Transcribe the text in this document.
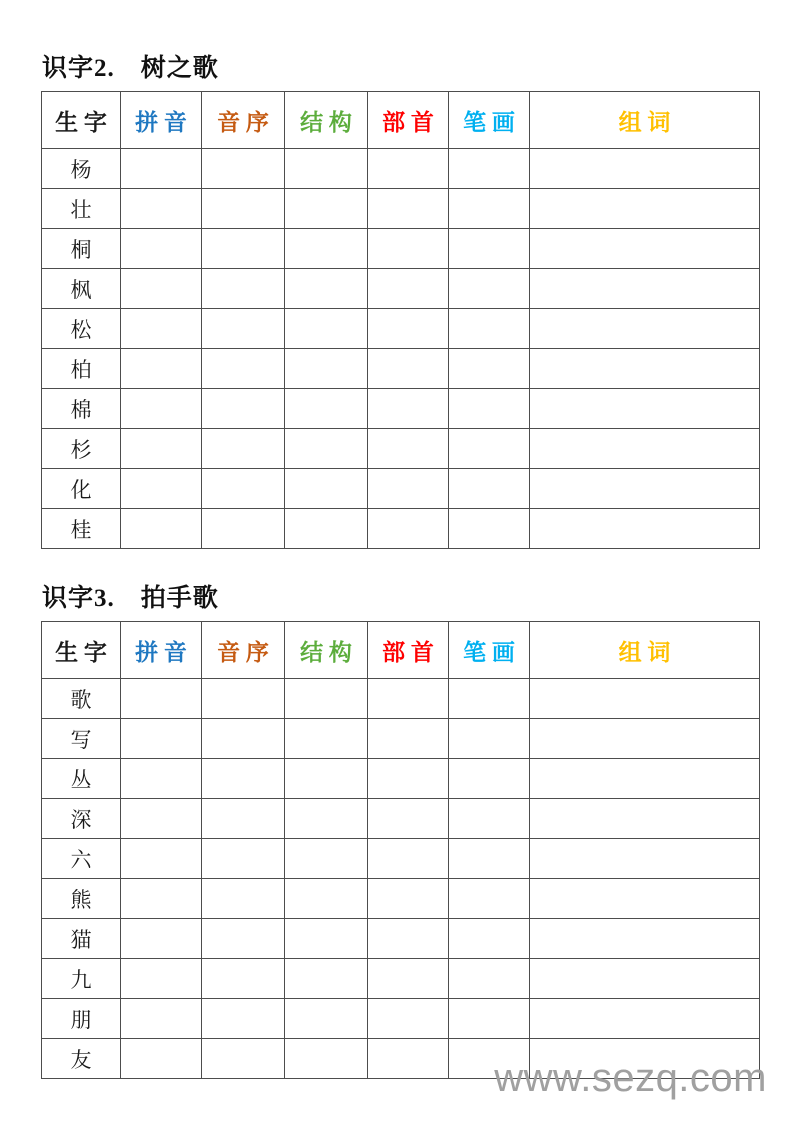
识字2.　树之歌
生 字	拼 音	音 序	结 构	部 首	笔 画	组 词
杨						
壮						
桐						
枫						
松						
柏						
棉						
杉						
化						
桂						
识字3.　拍手歌
生 字	拼 音	音 序	结 构	部 首	笔 画	组 词
歌						
写						
丛						
深						
六						
熊						
猫						
九						
朋						
友							www.sezq.com
